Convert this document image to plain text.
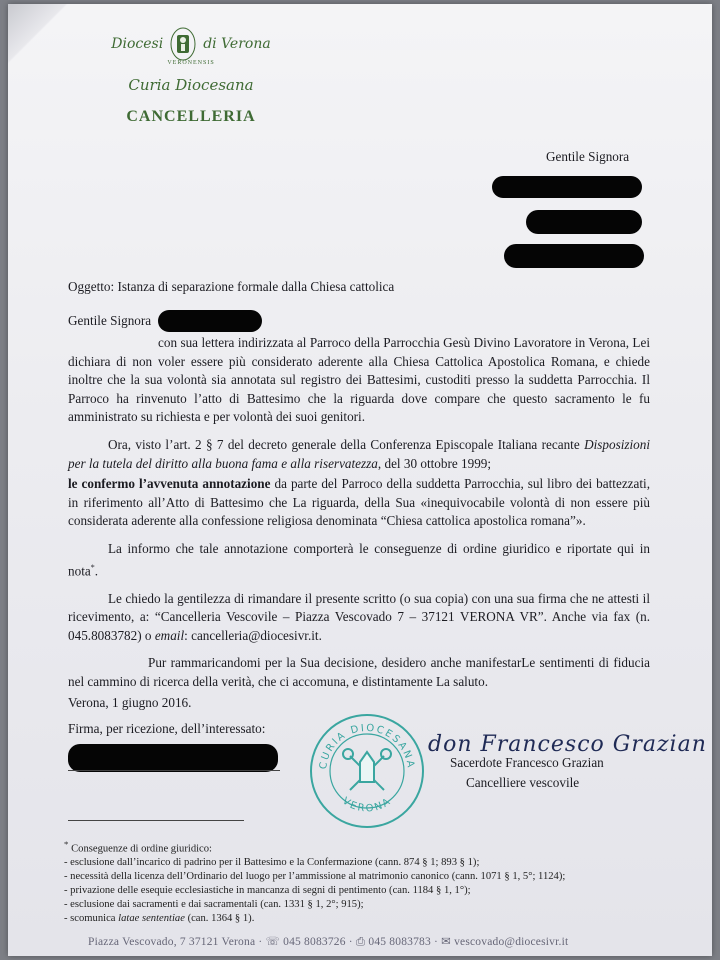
Diocesi	di Verona
VERONENSIS
Curia Diocesana
CANCELLERIA
Gentile Signora
Oggetto: Istanza di separazione formale dalla Chiesa cattolica
Gentile Signora

con sua lettera indirizzata al Parroco della Parrocchia Gesù Divino Lavoratore in Verona, Lei dichiara di non voler essere più considerato aderente alla Chiesa Cattolica Apostolica Romana, e chiede inoltre che la sua volontà sia annotata sul registro dei Battesimi, custoditi presso la suddetta Parrocchia. Il Parroco ha rinvenuto l’atto di Battesimo che la riguarda dove compare che questo sacramento le fu amministrato su richiesta e per volontà dei suoi genitori.

Ora, visto l’art. 2 § 7 del decreto generale della Conferenza Episcopale Italiana recante Disposizioni per la tutela del diritto alla buona fama e alla riservatezza, del 30 ottobre 1999;

le confermo l’avvenuta annotazione da parte del Parroco della suddetta Parrocchia, sul libro dei battezzati, in riferimento all’Atto di Battesimo che La riguarda, della Sua «inequivocabile volontà di non essere più considerata aderente alla confessione religiosa denominata “Chiesa cattolica apostolica romana”».

La informo che tale annotazione comporterà le conseguenze di ordine giuridico e riportate qui in nota*.

Le chiedo la gentilezza di rimandare il presente scritto (o sua copia) con una sua firma che ne attesti il ricevimento, a: “Cancelleria Vescovile – Piazza Vescovado 7 – 37121 VERONA VR”. Anche via fax (n. 045.8083782) o email: cancelleria@diocesivr.it.

Pur rammaricandomi per la Sua decisione, desidero anche manifestarLe sentimenti di fiducia nel cammino di ricerca della verità, che ci accomuna, e distintamente La saluto.

Verona, 1 giugno 2016.

Firma, per ricezione, dell’interessato:
CURIA DIOCESANA
VERONA
don Francesco Grazian
Sacerdote Francesco Grazian
Cancelliere vescovile
* Conseguenze di ordine giuridico:
- esclusione dall’incarico di padrino per il Battesimo e la Confermazione (cann. 874 § 1; 893 § 1);
- necessità della licenza dell’Ordinario del luogo per l’ammissione al matrimonio canonico (cann. 1071 § 1, 5°; 1124);
- privazione delle esequie ecclesiastiche in mancanza di segni di pentimento (can. 1184 § 1, 1°);
- esclusione dai sacramenti e dai sacramentali (can. 1331 § 1, 2°; 915);
- scomunica latae sententiae (can. 1364 § 1).
Piazza Vescovado, 7 37121 Verona · ☏ 045 8083726 · ⎙ 045 8083783 · ✉ vescovado@diocesivr.it
